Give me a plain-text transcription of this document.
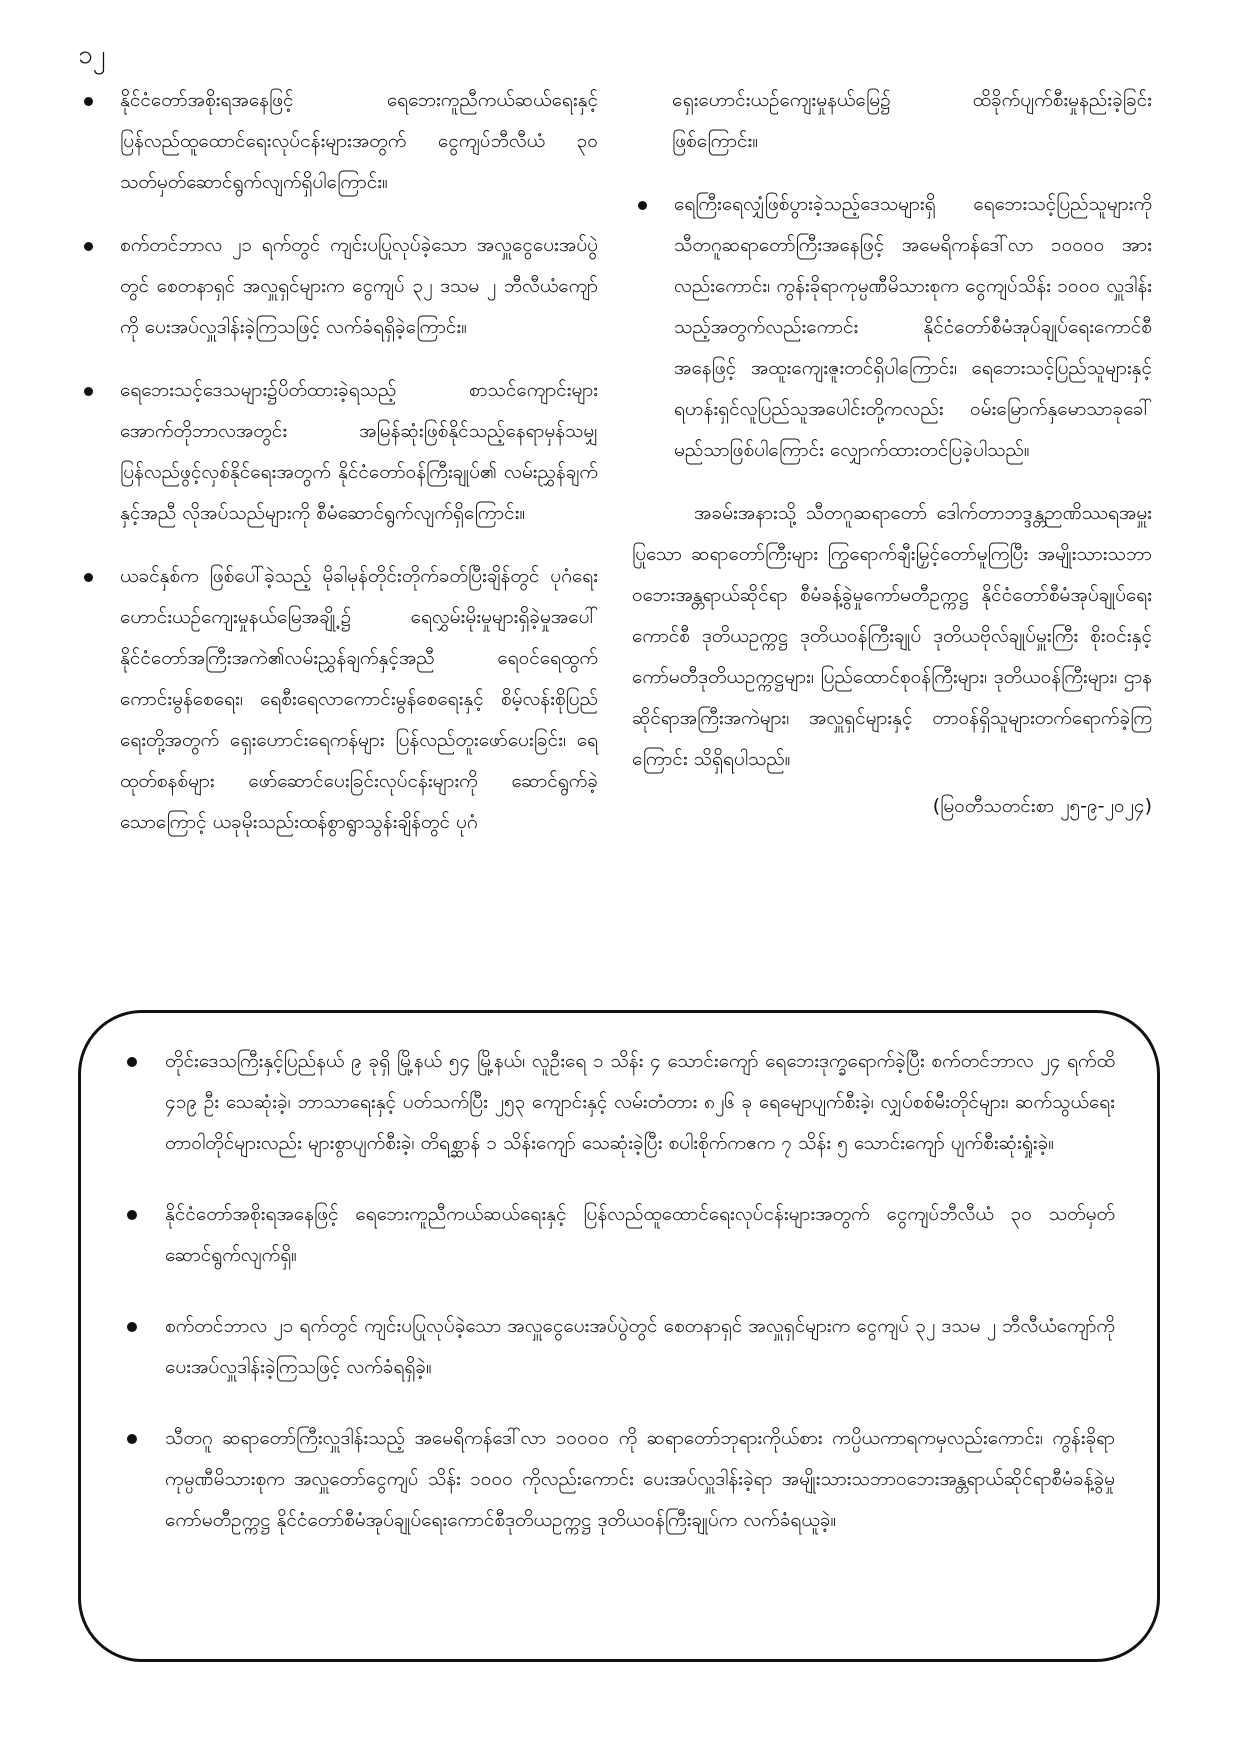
၁၂
နိုင်ငံတော်အစိုးရအနေဖြင့် ရေဘေးကူညီကယ်ဆယ်ရေးနှင့် ပြန်လည်ထူထောင်ရေးလုပ်ငန်းများအတွက် ငွေကျပ်ဘီလီယံ ၃၀ သတ်မှတ်ဆောင်ရွက်လျက်ရှိပါကြောင်း။
စက်တင်ဘာလ ၂၁ ရက်တွင် ကျင်းပပြုလုပ်ခဲ့သော အလှူငွေပေးအပ်ပွဲတွင် စေတနာရှင် အလှူရှင်များက ငွေကျပ် ၃၂ ဒသမ ၂ ဘီလီယံကျော်ကို ပေးအပ်လှူဒါန်းခဲ့ကြသဖြင့် လက်ခံရရှိခဲ့ကြောင်း။
ရေဘေးသင့်ဒေသများ၌ပိတ်ထားခဲ့ရသည့် စာသင်ကျောင်းများ အောက်တိုဘာလအတွင်း အမြန်ဆုံးဖြစ်နိုင်သည့်နေရာမှန်သမျှ ပြန်လည်ဖွင့်လှစ်နိုင်ရေးအတွက် နိုင်ငံတော်ဝန်ကြီးချုပ်၏ လမ်းညွှန်ချက်နှင့်အညီ လိုအပ်သည်များကို စီမံဆောင်ရွက်လျက်ရှိကြောင်း။
ယခင်နှစ်က ဖြစ်ပေါ်ခဲ့သည့် မိုခါမုန်တိုင်းတိုက်ခတ်ပြီးချိန်တွင် ပုဂံရေးဟောင်းယဉ်ကျေးမှုနယ်မြေအချို့၌ ရေလွှမ်းမိုးမှုများရှိခဲ့မှုအပေါ် နိုင်ငံတော်အကြီးအကဲ၏လမ်းညွှန်ချက်နှင့်အညီ ရေဝင်ရေထွက်ကောင်းမွန်စေရေး၊ ရေစီးရေလာကောင်းမွန်စေရေးနှင့် စိမ့်လန်းစိုပြည်ရေးတို့အတွက် ရှေးဟောင်းရေကန်များ ပြန်လည်တူးဖော်ပေးခြင်း၊ ရေထုတ်စနစ်များ ဖော်ဆောင်ပေးခြင်းလုပ်ငန်းများကို ဆောင်ရွက်ခဲ့သောကြောင့် ယခုမိုးသည်းထန်စွာရွာသွန်းချိန်တွင် ပုဂံ

ရှေးဟောင်းယဉ်ကျေးမှုနယ်မြေ၌ ထိခိုက်ပျက်စီးမှုနည်းခဲ့ခြင်းဖြစ်ကြောင်း။

ရေကြီးရေလျှံဖြစ်ပွားခဲ့သည့်ဒေသများရှိ ရေဘေးသင့်ပြည်သူများကို သီတဂူဆရာတော်ကြီးအနေဖြင့် အမေရိကန်ဒေါ်လာ ၁၀၀၀၀ အားလည်းကောင်း၊ ကွန်းခိုရာကုမ္ပဏီမိသားစုက ငွေကျပ်သိန်း ၁၀၀၀ လှူဒါန်းသည့်အတွက်လည်းကောင်း နိုင်ငံတော်စီမံအုပ်ချုပ်ရေးကောင်စီအနေဖြင့် အထူးကျေးဇူးတင်ရှိပါကြောင်း၊ ရေဘေးသင့်ပြည်သူများနှင့် ရဟန်းရှင်လူပြည်သူအပေါင်းတို့ကလည်း ဝမ်းမြောက်နှမောသာခုခေါ် မည်သာဖြစ်ပါကြောင်း လျှောက်ထားတင်ပြခဲ့ပါသည်။

အခမ်းအနားသို့ သီတဂူဆရာတော် ဒေါက်တာဘဒ္ဒန္တဉာဏိဿရအမှူးပြုသော ဆရာတော်ကြီးများ ကြွရောက်ချီးမြှင့်တော်မူကြပြီး အမျိုးသားသဘာဝဘေးအန္တရာယ်ဆိုင်ရာ စီမံခန့်ခွဲမှုကော်မတီဥက္ကဋ္ဌ နိုင်ငံတော်စီမံအုပ်ချုပ်ရေးကောင်စီ ဒုတိယဥက္ကဋ္ဌ ဒုတိယဝန်ကြီးချုပ် ဒုတိယဗိုလ်ချုပ်မှူးကြီး စိုးဝင်းနှင့် ကော်မတီဒုတိယဥက္ကဋ္ဌများ၊ ပြည်ထောင်စုဝန်ကြီးများ၊ ဒုတိယဝန်ကြီးများ၊ ဌာနဆိုင်ရာအကြီးအကဲများ၊ အလှူရှင်များနှင့် တာဝန်ရှိသူများတက်ရောက်ခဲ့ကြကြောင်း သိရှိရပါသည်။

(မြဝတီသတင်းစာ ၂၅-၉-၂၀၂၄)

တိုင်းဒေသကြီးနှင့်ပြည်နယ် ၉ ခုရှိ မြို့နယ် ၅၄ မြို့နယ်၊ လူဦးရေ ၁ သိန်း ၄ သောင်းကျော် ရေဘေးဒုက္ခရောက်ခဲ့ပြီး စက်တင်ဘာလ ၂၄ ရက်ထိ ၄၁၉ ဦး သေဆုံးခဲ့၊ ဘာသာရေးနှင့် ပတ်သက်ပြီး ၂၅၃ ကျောင်းနှင့် လမ်းတံတား ၈၂၆ ခု ရေမျောပျက်စီးခဲ့၊ လျှပ်စစ်မီးတိုင်များ၊ ဆက်သွယ်ရေးတာဝါတိုင်များလည်း များစွာပျက်စီးခဲ့၊ တိရစ္ဆာန် ၁ သိန်းကျော် သေဆုံးခဲ့ပြီး စပါးစိုက်ကဧက ၇ သိန်း ၅ သောင်းကျော် ပျက်စီးဆုံးရှုံးခဲ့။
နိုင်ငံတော်အစိုးရအနေဖြင့် ရေဘေးကူညီကယ်ဆယ်ရေးနှင့် ပြန်လည်ထူထောင်ရေးလုပ်ငန်းများအတွက် ငွေကျပ်ဘီလီယံ ၃၀ သတ်မှတ်ဆောင်ရွက်လျက်ရှိ။
စက်တင်ဘာလ ၂၁ ရက်တွင် ကျင်းပပြုလုပ်ခဲ့သော အလှူငွေပေးအပ်ပွဲတွင် စေတနာရှင် အလှူရှင်များက ငွေကျပ် ၃၂ ဒသမ ၂ ဘီလီယံကျော်ကို ပေးအပ်လှူဒါန်းခဲ့ကြသဖြင့် လက်ခံရရှိခဲ့။
သီတဂူ ဆရာတော်ကြီးလှူဒါန်းသည့် အမေရိကန်ဒေါ်လာ ၁၀၀၀၀ ကို ဆရာတော်ဘုရားကိုယ်စား ကပ္ပိယကာရကမှလည်းကောင်း၊ ကွန်းခိုရာကုမ္ပဏီမိသားစုက အလှူတော်ငွေကျပ် သိန်း ၁၀၀၀ ကိုလည်းကောင်း ပေးအပ်လှူဒါန်းခဲ့ရာ အမျိုးသားသဘာဝဘေးအန္တရာယ်ဆိုင်ရာစီမံခန့်ခွဲမှုကော်မတီဥက္ကဋ္ဌ နိုင်ငံတော်စီမံအုပ်ချုပ်ရေးကောင်စီဒုတိယဥက္ကဋ္ဌ ဒုတိယဝန်ကြီးချုပ်က လက်ခံရယူခဲ့။
